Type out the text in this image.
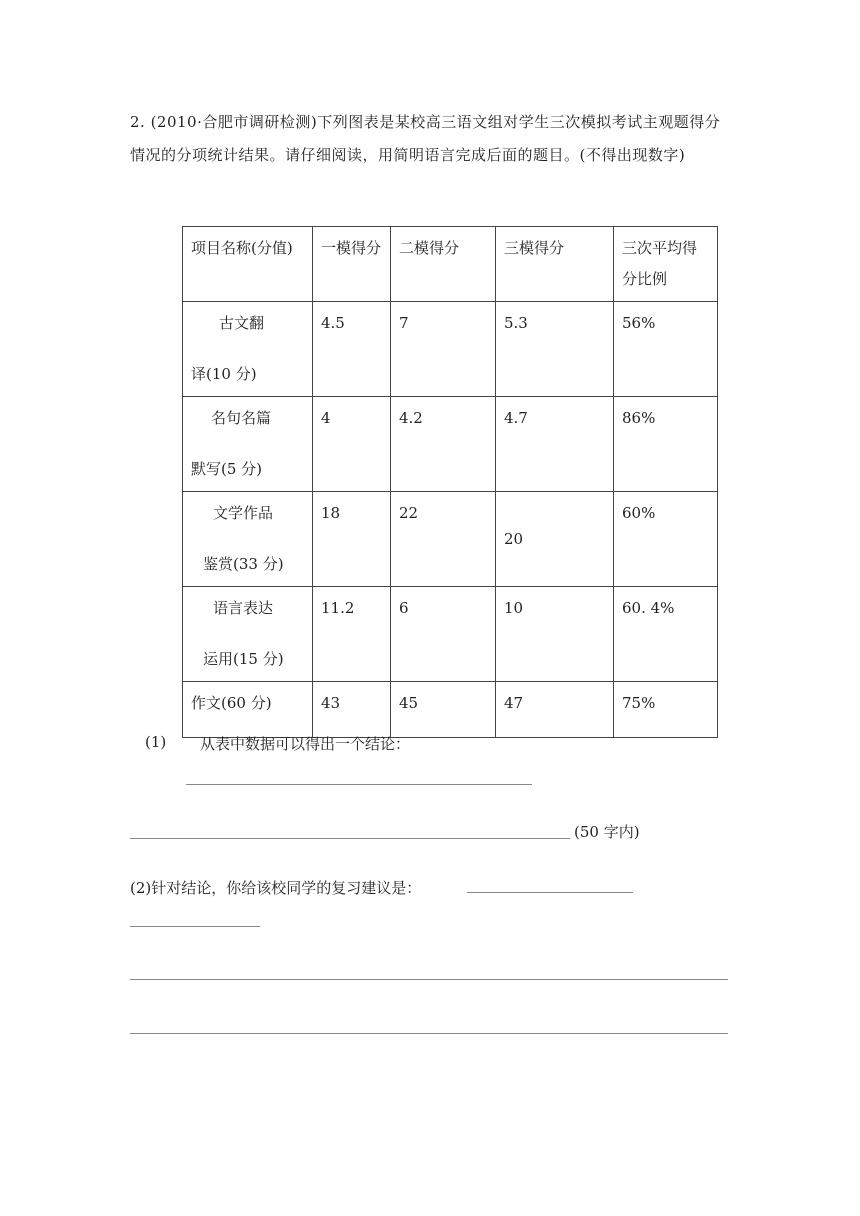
2. (2010·合肥市调研检测)下列图表是某校高三语文组对学生三次模拟考试主观题得分情况的分项统计结果。请仔细阅读，用简明语言完成后面的题目。(不得出现数字)
项目名称(分值)	一模得分	二模得分	三模得分	三次平均得分比例

古文翻
译(10 分)	4.5	7	5.3	56%

名句名篇
默写(5 分)	4	4.2	4.7	86%

文学作品
鉴赏(33 分)	18	22	20	60%

语言表达
运用(15 分)	11.2	6	10	60. 4%
作文(60 分)	43	45	47	75%
(1) 从表中数据可以得出一个结论：
(50 字内)
(2)针对结论，你给该校同学的复习建议是：
